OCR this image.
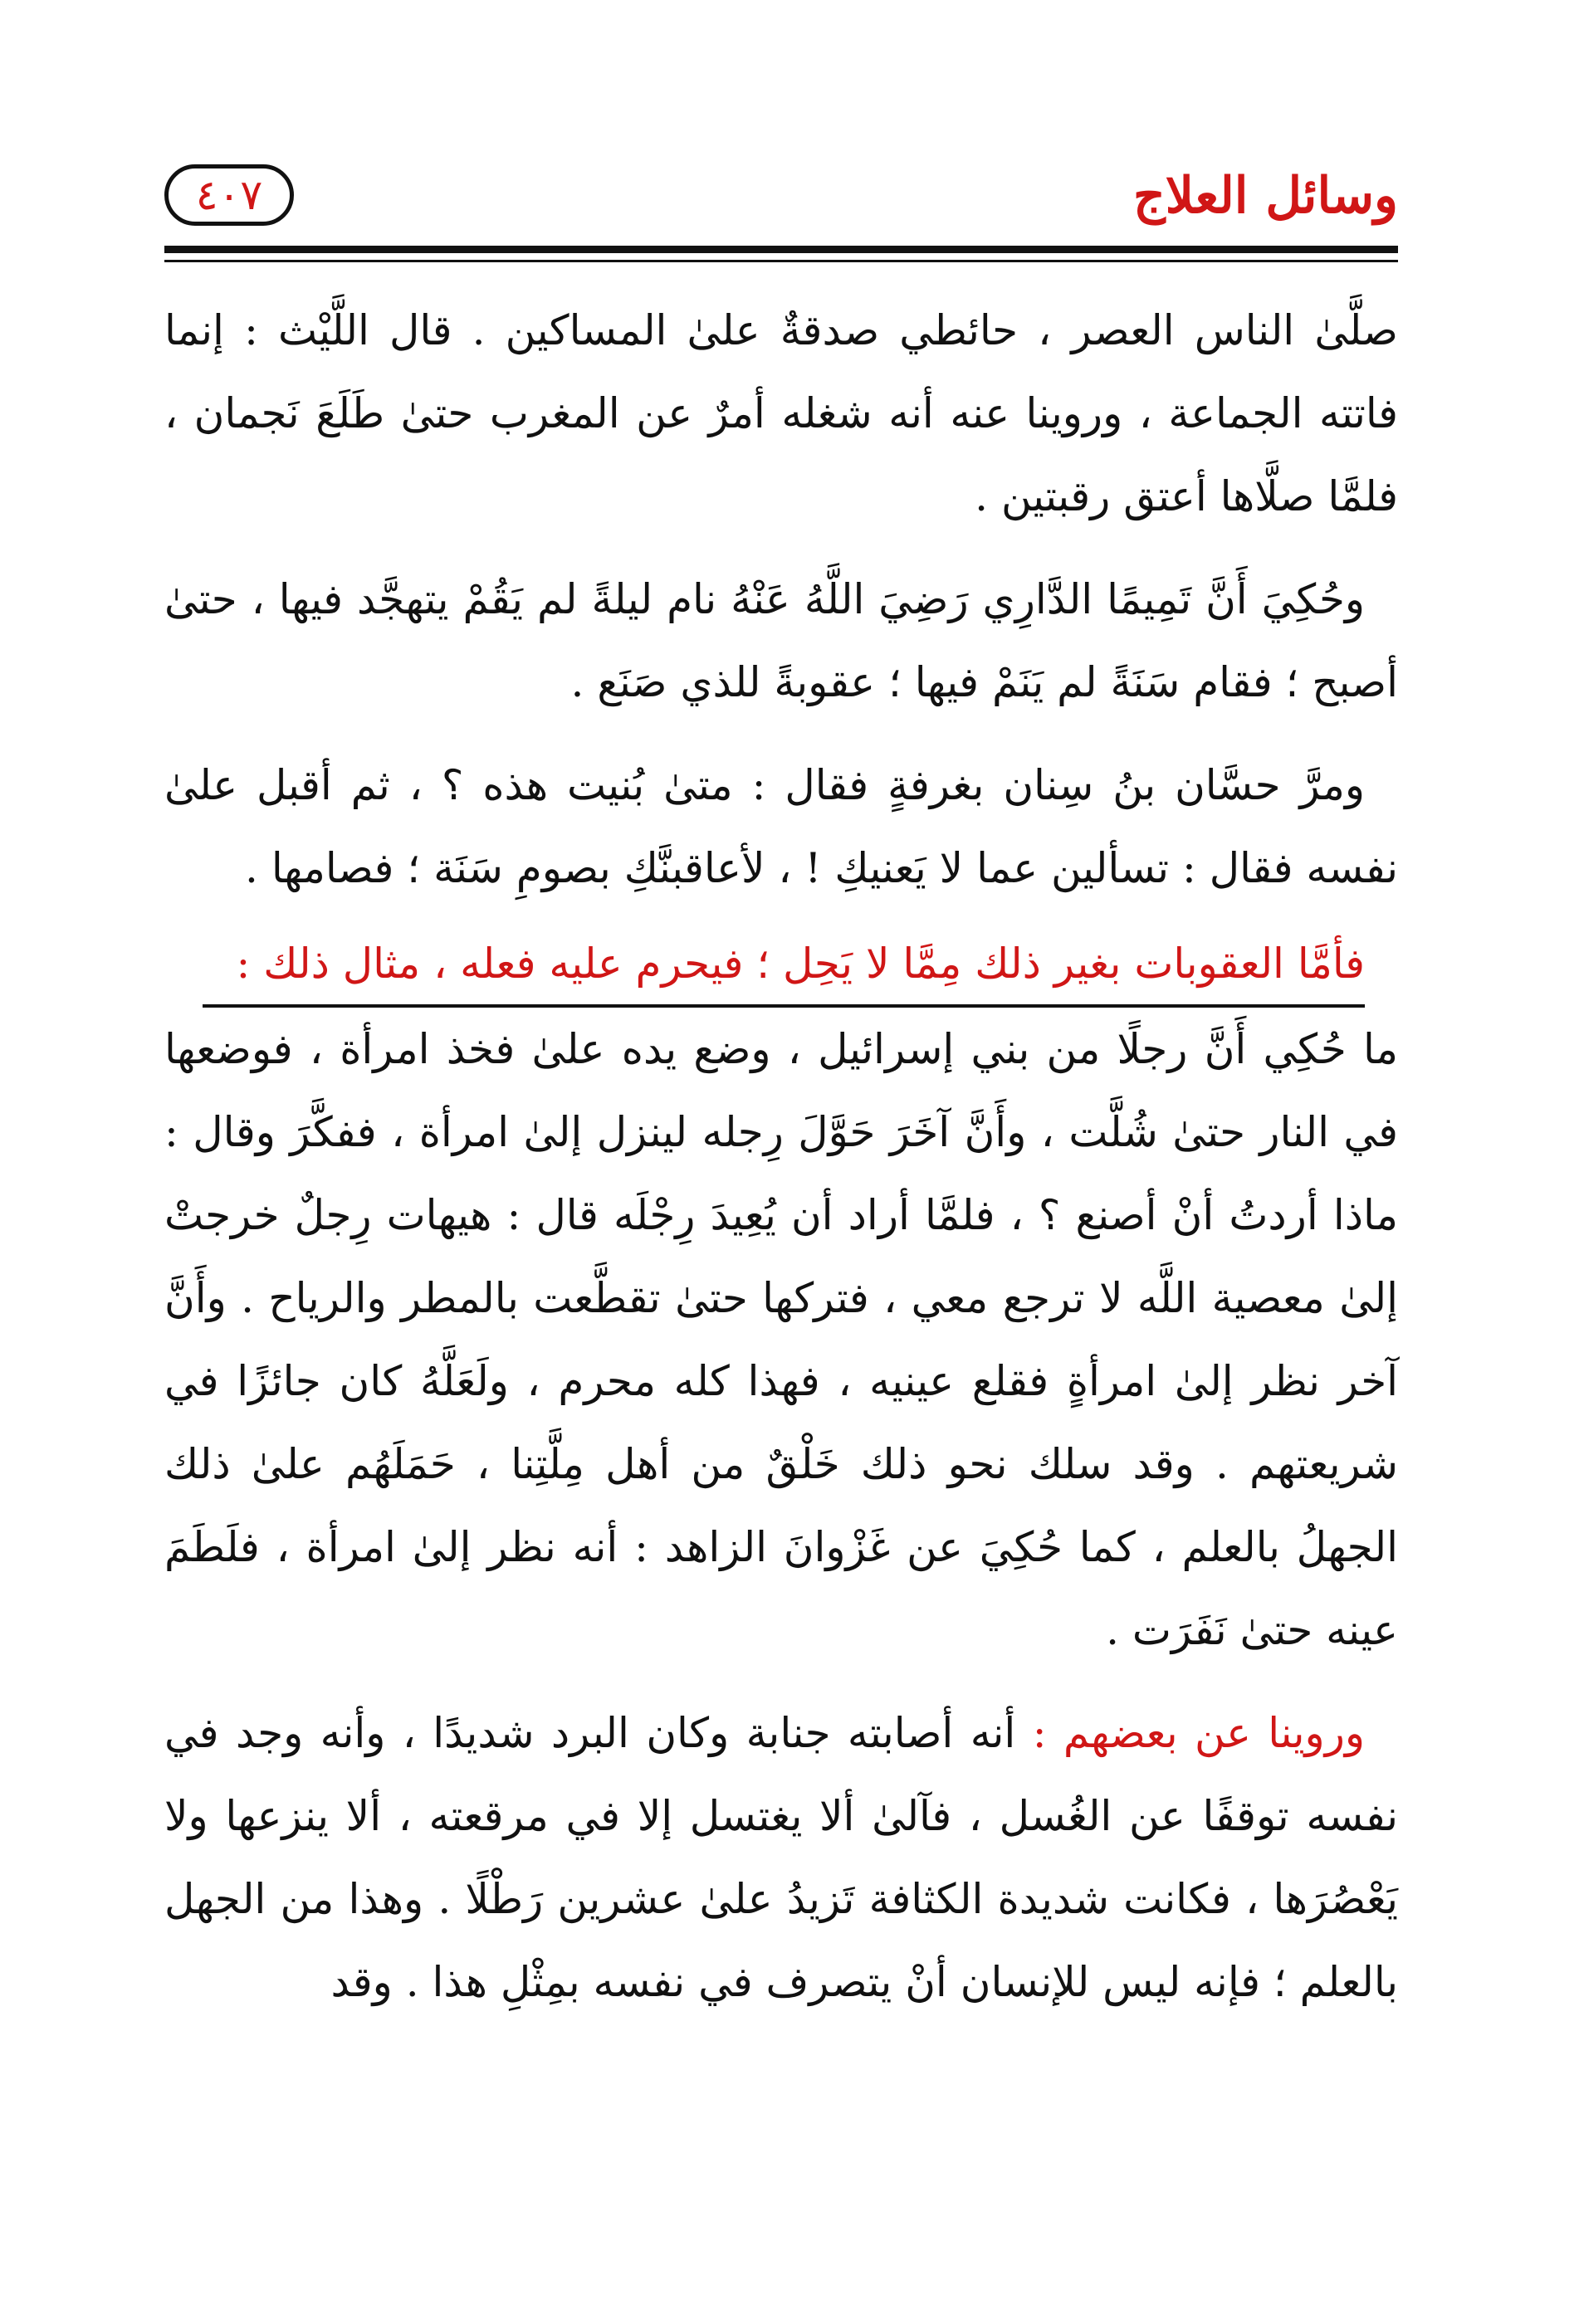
وسائل العلاج
٤٠٧

صلَّىٰ الناس العصر ، حائطي صدقةٌ علىٰ المساكين . قال اللَّيْث : إنما فاتته الجماعة ، وروينا عنه أنه شغله أمرٌ عن المغرب حتىٰ طَلَعَ نَجمان ، فلمَّا صلَّاها أعتق رقبتين .

وحُكِيَ أَنَّ تَمِيمًا الدَّارِي رَضِيَ اللَّهُ عَنْهُ نام ليلةً لم يَقُمْ يتهجَّد فيها ، حتىٰ أصبح ؛ فقام سَنَةً لم يَنَمْ فيها ؛ عقوبةً للذي صَنَع .

ومرَّ حسَّان بنُ سِنان بغرفةٍ فقال : متىٰ بُنيت هذه ؟ ، ثم أقبل علىٰ نفسه فقال : تسألين عما لا يَعنيكِ ! ، لأعاقبنَّكِ بصومِ سَنَة ؛ فصامها .

فأمَّا العقوبات بغير ذلك مِمَّا لا يَحِل ؛ فيحرم عليه فعله ، مثال ذلك :

ما حُكِي أَنَّ رجلًا من بني إسرائيل ، وضع يده علىٰ فخذ امرأة ، فوضعها في النار حتىٰ شُلَّت ، وأَنَّ آخَرَ حَوَّلَ رِجله لينزل إلىٰ امرأة ، ففكَّرَ وقال : ماذا أردتُ أنْ أصنع ؟ ، فلمَّا أراد أن يُعِيدَ رِجْلَه قال : هيهات رِجلٌ خرجتْ إلىٰ معصية اللَّه لا ترجع معي ، فتركها حتىٰ تقطَّعت بالمطر والرياح . وأَنَّ آخر نظر إلىٰ امرأةٍ فقلع عينيه ، فهذا كله محرم ، ولَعَلَّهُ كان جائزًا في شريعتهم . وقد سلك نحو ذلك خَلْقٌ من أهل مِلَّتِنا ، حَمَلَهُم علىٰ ذلك الجهلُ بالعلم ، كما حُكِيَ عن غَزْوانَ الزاهد : أنه نظر إلىٰ امرأة ، فلَطَمَ عينه حتىٰ نَفَرَت .

وروينا عن بعضهم : أنه أصابته جنابة وكان البرد شديدًا ، وأنه وجد في نفسه توقفًا عن الغُسل ، فآلىٰ ألا يغتسل إلا في مرقعته ، ألا ينزعها ولا يَعْصُرَها ، فكانت شديدة الكثافة تَزيدُ علىٰ عشرين رَطْلًا . وهذا من الجهل بالعلم ؛ فإنه ليس للإنسان أنْ يتصرف في نفسه بمِثْلِ هذا . وقد
